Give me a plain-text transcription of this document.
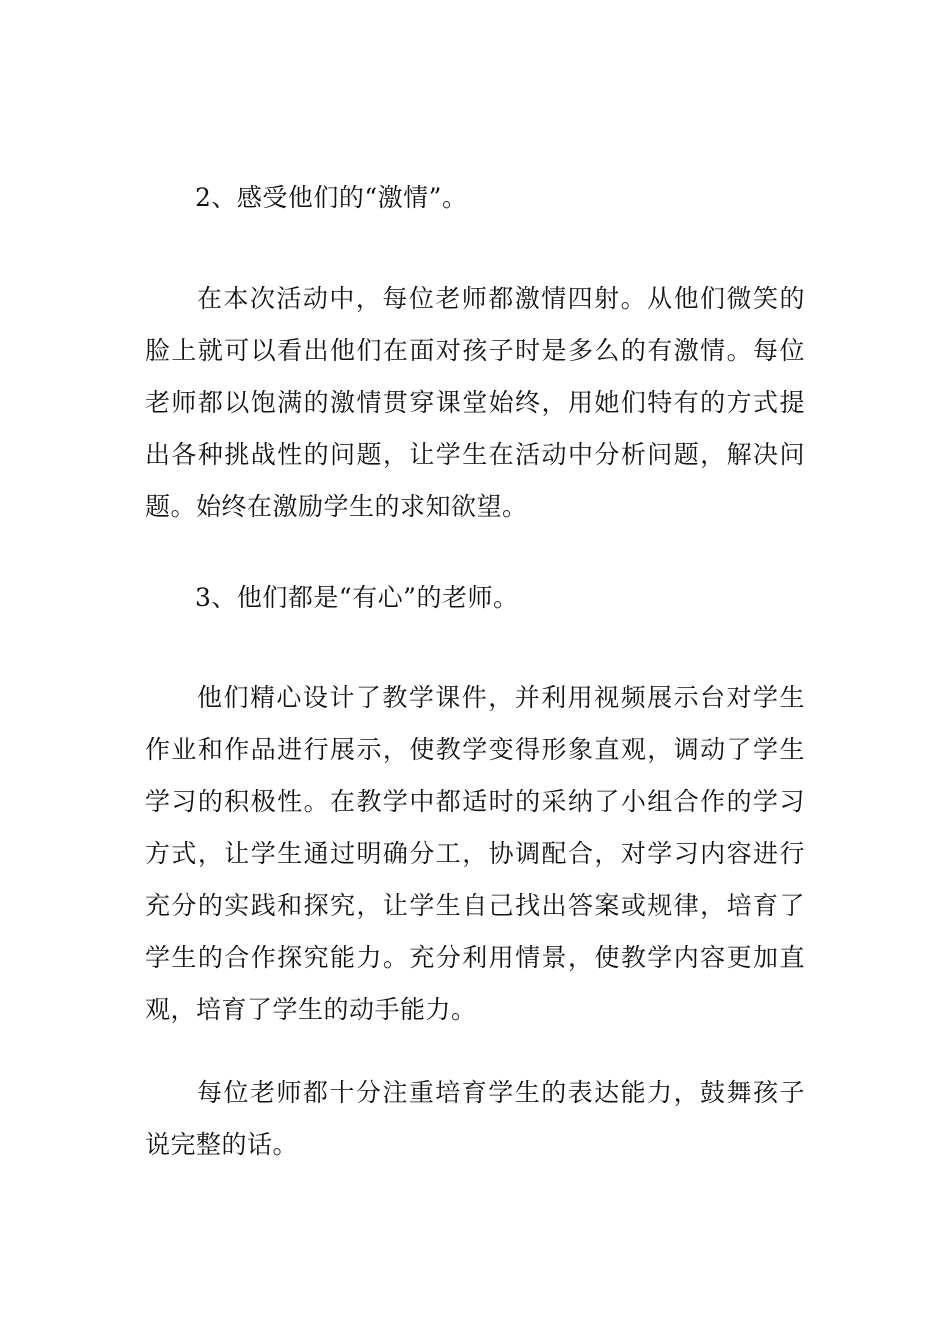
2、感受他们的“激情”。

在本次活动中，每位老师都激情四射。从他们微笑的脸上就可以看出他们在面对孩子时是多么的有激情。每位老师都以饱满的激情贯穿课堂始终，用她们特有的方式提出各种挑战性的问题，让学生在活动中分析问题，解决问题。始终在激励学生的求知欲望。

3、他们都是“有心”的老师。

他们精心设计了教学课件，并利用视频展示台对学生作业和作品进行展示，使教学变得形象直观，调动了学生学习的积极性。在教学中都适时的采纳了小组合作的学习方式，让学生通过明确分工，协调配合，对学习内容进行充分的实践和探究，让学生自己找出答案或规律，培育了学生的合作探究能力。充分利用情景，使教学内容更加直观，培育了学生的动手能力。

每位老师都十分注重培育学生的表达能力，鼓舞孩子说完整的话。
